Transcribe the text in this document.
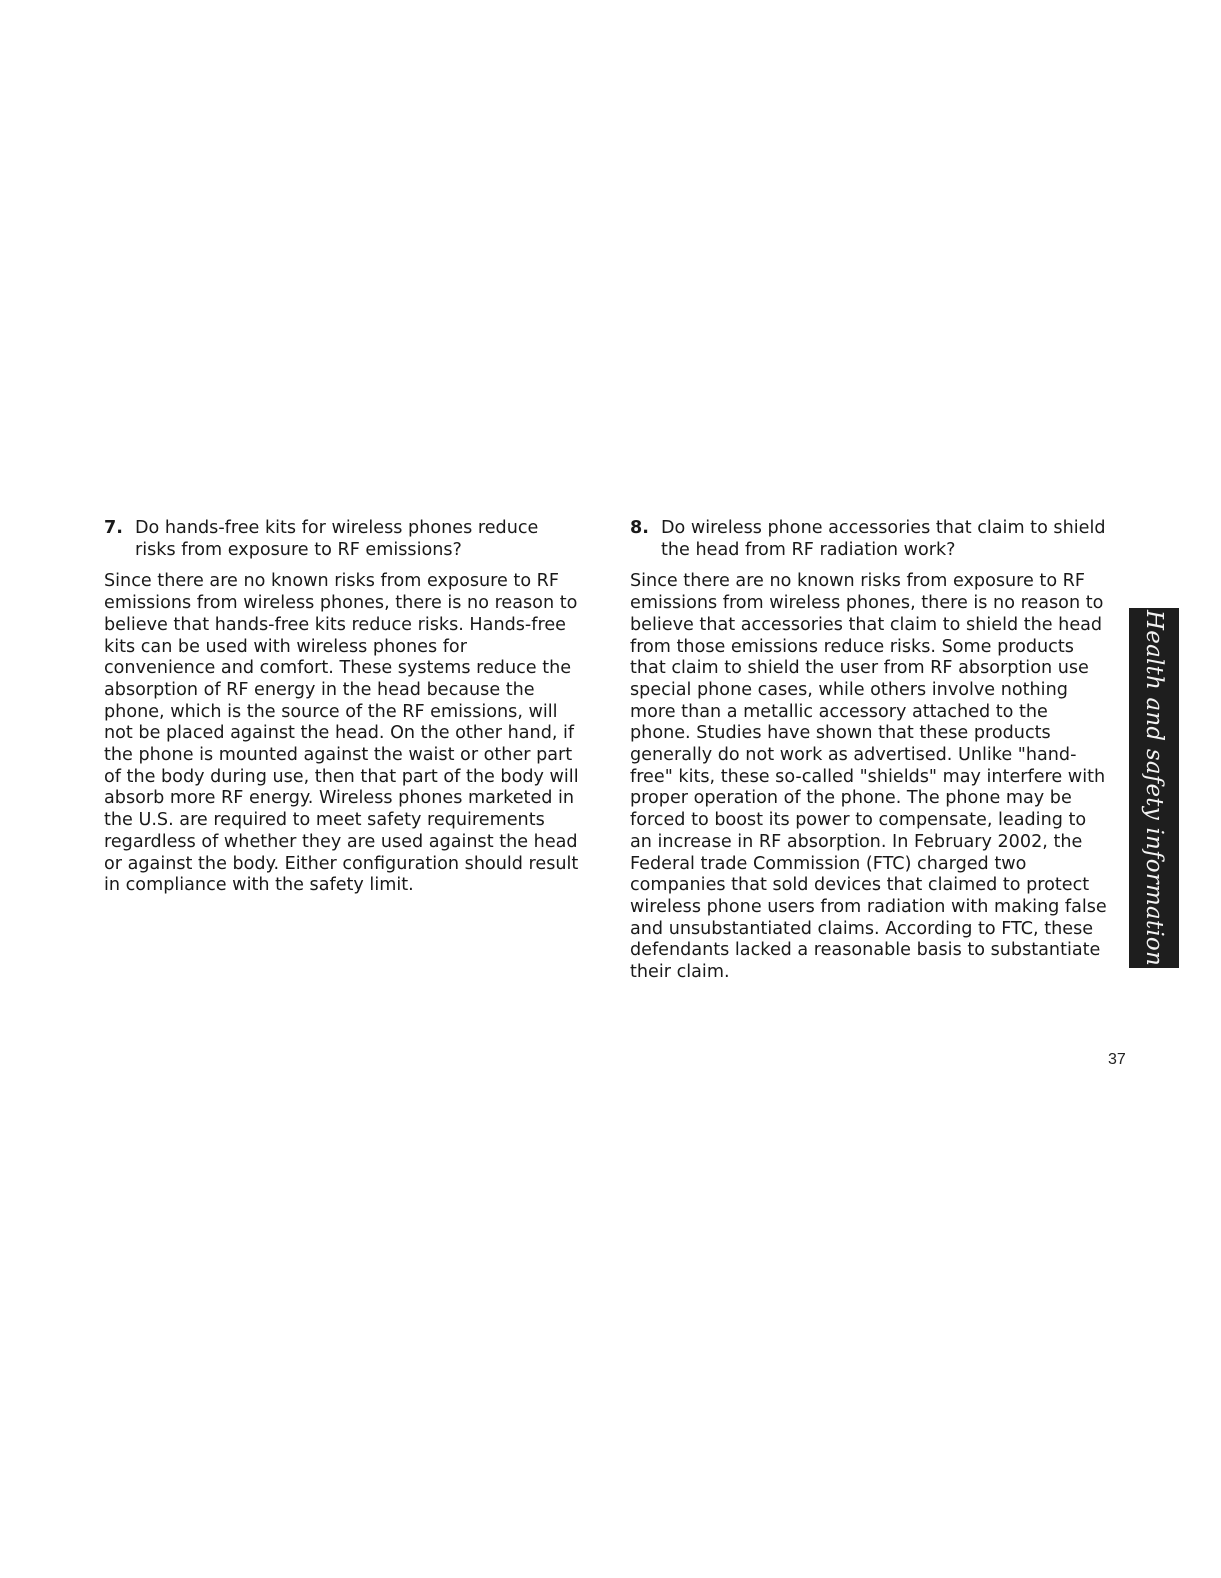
7. Do hands-free kits for wireless phones reduce risks from exposure to RF emissions?

Since there are no known risks from exposure to RF emissions from wireless phones, there is no reason to believe that hands-free kits reduce risks. Hands-free kits can be used with wireless phones for convenience and comfort. These systems reduce the absorption of RF energy in the head because the phone, which is the source of the RF emissions, will not be placed against the head. On the other hand, if the phone is mounted against the waist or other part of the body during use, then that part of the body will absorb more RF energy. Wireless phones marketed in the U.S. are required to meet safety requirements regardless of whether they are used against the head or against the body. Either configuration should result in compliance with the safety limit.

8. Do wireless phone accessories that claim to shield the head from RF radiation work?

Since there are no known risks from exposure to RF emissions from wireless phones, there is no reason to believe that accessories that claim to shield the head from those emissions reduce risks. Some products that claim to shield the user from RF absorption use special phone cases, while others involve nothing more than a metallic accessory attached to the phone. Studies have shown that these products generally do not work as advertised. Unlike "hand-free" kits, these so-called "shields" may interfere with proper operation of the phone. The phone may be forced to boost its power to compensate, leading to an increase in RF absorption. In February 2002, the Federal trade Commission (FTC) charged two companies that sold devices that claimed to protect wireless phone users from radiation with making false and unsubstantiated claims. According to FTC, these defendants lacked a reasonable basis to substantiate their claim.

Health and safety information
37
